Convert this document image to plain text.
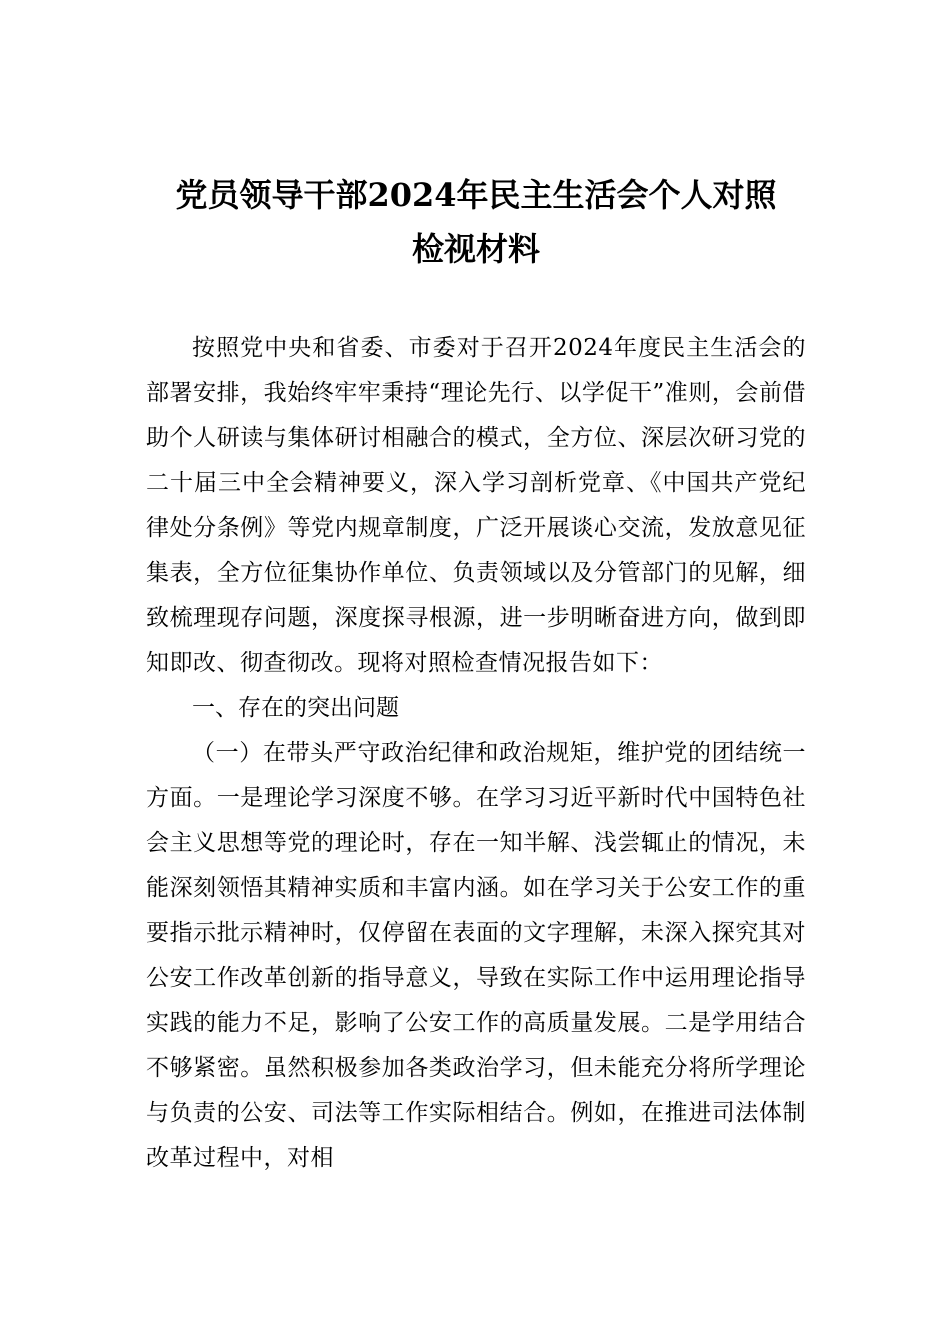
党员领导干部2024年民主生活会个人对照
检视材料

按照党中央和省委、市委对于召开2024年度民主生活会的部署安排，我始终牢牢秉持“理论先行、以学促干”准则，会前借助个人研读与集体研讨相融合的模式，全方位、深层次研习党的二十届三中全会精神要义，深入学习剖析党章、《中国共产党纪律处分条例》等党内规章制度，广泛开展谈心交流，发放意见征集表，全方位征集协作单位、负责领域以及分管部门的见解，细致梳理现存问题，深度探寻根源，进一步明晰奋进方向，做到即知即改、彻查彻改。现将对照检查情况报告如下：

一、存在的突出问题

（一）在带头严守政治纪律和政治规矩，维护党的团结统一方面。一是理论学习深度不够。在学习习近平新时代中国特色社会主义思想等党的理论时，存在一知半解、浅尝辄止的情况，未能深刻领悟其精神实质和丰富内涵。如在学习关于公安工作的重要指示批示精神时，仅停留在表面的文字理解，未深入探究其对公安工作改革创新的指导意义，导致在实际工作中运用理论指导实践的能力不足，影响了公安工作的高质量发展。二是学用结合不够紧密。虽然积极参加各类政治学习，但未能充分将所学理论与负责的公安、司法等工作实际相结合。例如，在推进司法体制改革过程中，对相
